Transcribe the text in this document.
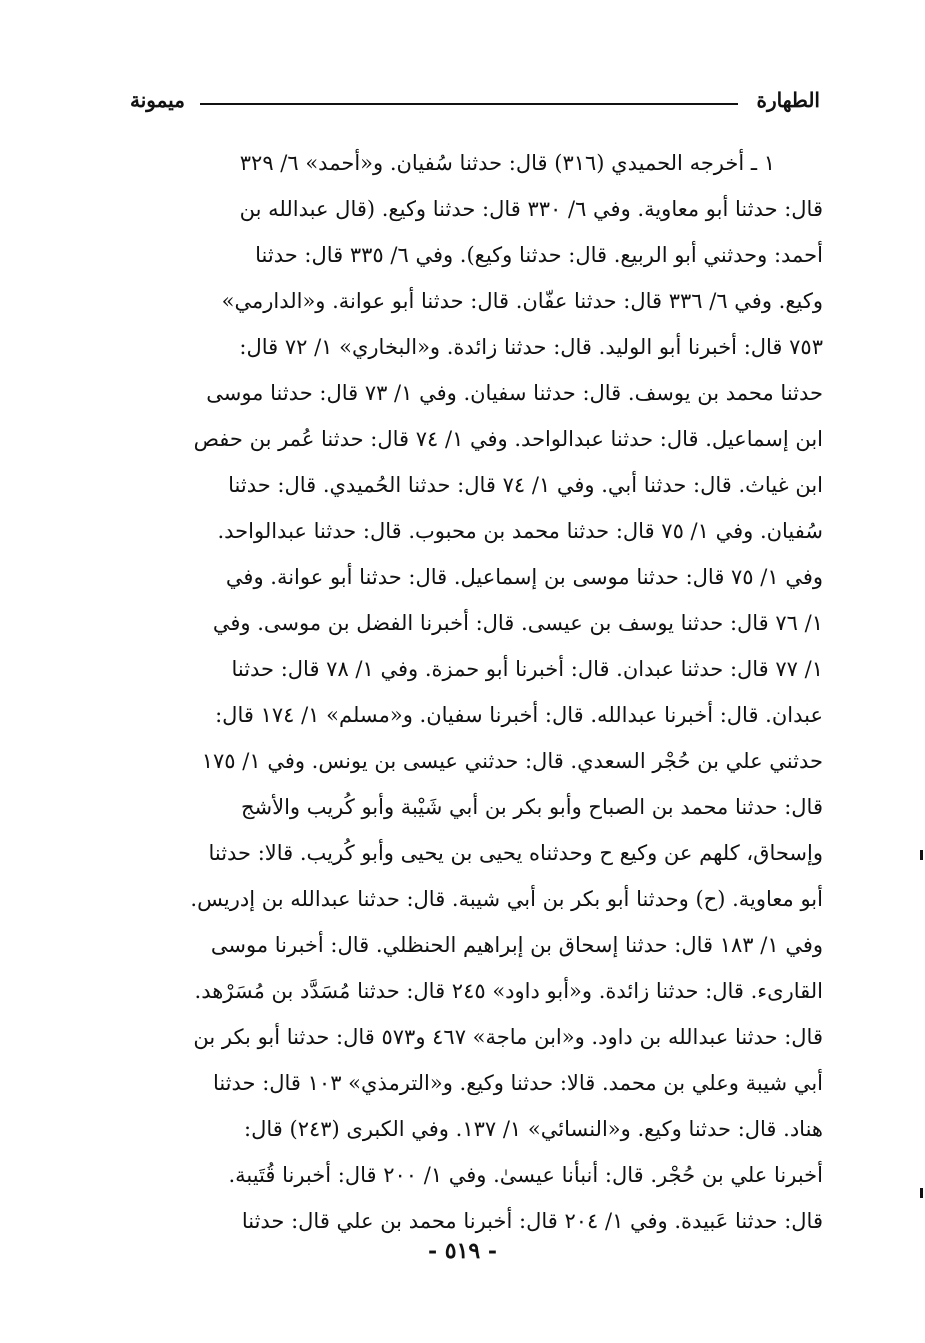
الطهارة
ميمونة
١ ـ أخرجه الحميدي (٣١٦) قال: حدثنا سُفيان. و«أحمد» ٦/ ٣٢٩
قال: حدثنا أبو معاوية. وفي ٦/ ٣٣٠ قال: حدثنا وكيع. (قال عبدالله بن
أحمد: وحدثني أبو الربيع. قال: حدثنا وكيع). وفي ٦/ ٣٣٥ قال: حدثنا
وكيع. وفي ٦/ ٣٣٦ قال: حدثنا عفّان. قال: حدثنا أبو عوانة. و«الدارمي»
٧٥٣ قال: أخبرنا أبو الوليد. قال: حدثنا زائدة. و«البخاري» ١/ ٧٢ قال:
حدثنا محمد بن يوسف. قال: حدثنا سفيان. وفي ١/ ٧٣ قال: حدثنا موسى
ابن إسماعيل. قال: حدثنا عبدالواحد. وفي ١/ ٧٤ قال: حدثنا عُمر بن حفص
ابن غياث. قال: حدثنا أبي. وفي ١/ ٧٤ قال: حدثنا الحُميدي. قال: حدثنا
سُفيان. وفي ١/ ٧٥ قال: حدثنا محمد بن محبوب. قال: حدثنا عبدالواحد.
وفي ١/ ٧٥ قال: حدثنا موسى بن إسماعيل. قال: حدثنا أبو عوانة. وفي
١/ ٧٦ قال: حدثنا يوسف بن عيسى. قال: أخبرنا الفضل بن موسى. وفي
١/ ٧٧ قال: حدثنا عبدان. قال: أخبرنا أبو حمزة. وفي ١/ ٧٨ قال: حدثنا
عبدان. قال: أخبرنا عبدالله. قال: أخبرنا سفيان. و«مسلم» ١/ ١٧٤ قال:
حدثني علي بن حُجْر السعدي. قال: حدثني عيسى بن يونس. وفي ١/ ١٧٥
قال: حدثنا محمد بن الصباح وأبو بكر بن أبي شَيْبة وأبو كُريب والأشج
وإسحاق، كلهم عن وكيع ح وحدثناه يحيى بن يحيى وأبو كُريب. قالا: حدثنا
أبو معاوية. (ح) وحدثنا أبو بكر بن أبي شيبة. قال: حدثنا عبدالله بن إدريس.
وفي ١/ ١٨٣ قال: حدثنا إسحاق بن إبراهيم الحنظلي. قال: أخبرنا موسى
القارىء. قال: حدثنا زائدة. و«أبو داود» ٢٤٥ قال: حدثنا مُسَدَّد بن مُسَرْهد.
قال: حدثنا عبدالله بن داود. و«ابن ماجة» ٤٦٧ و٥٧٣ قال: حدثنا أبو بكر بن
أبي شيبة وعلي بن محمد. قالا: حدثنا وكيع. و«الترمذي» ١٠٣ قال: حدثنا
هناد. قال: حدثنا وكيع. و«النسائي» ١/ ١٣٧. وفي الكبرى (٢٤٣) قال:
أخبرنا علي بن حُجْر. قال: أنبأنا عيسىٰ. وفي ١/ ٢٠٠ قال: أخبرنا قُتَيبة.
قال: حدثنا عَبيدة. وفي ١/ ٢٠٤ قال: أخبرنا محمد بن علي قال: حدثنا
- ٥١٩ -
